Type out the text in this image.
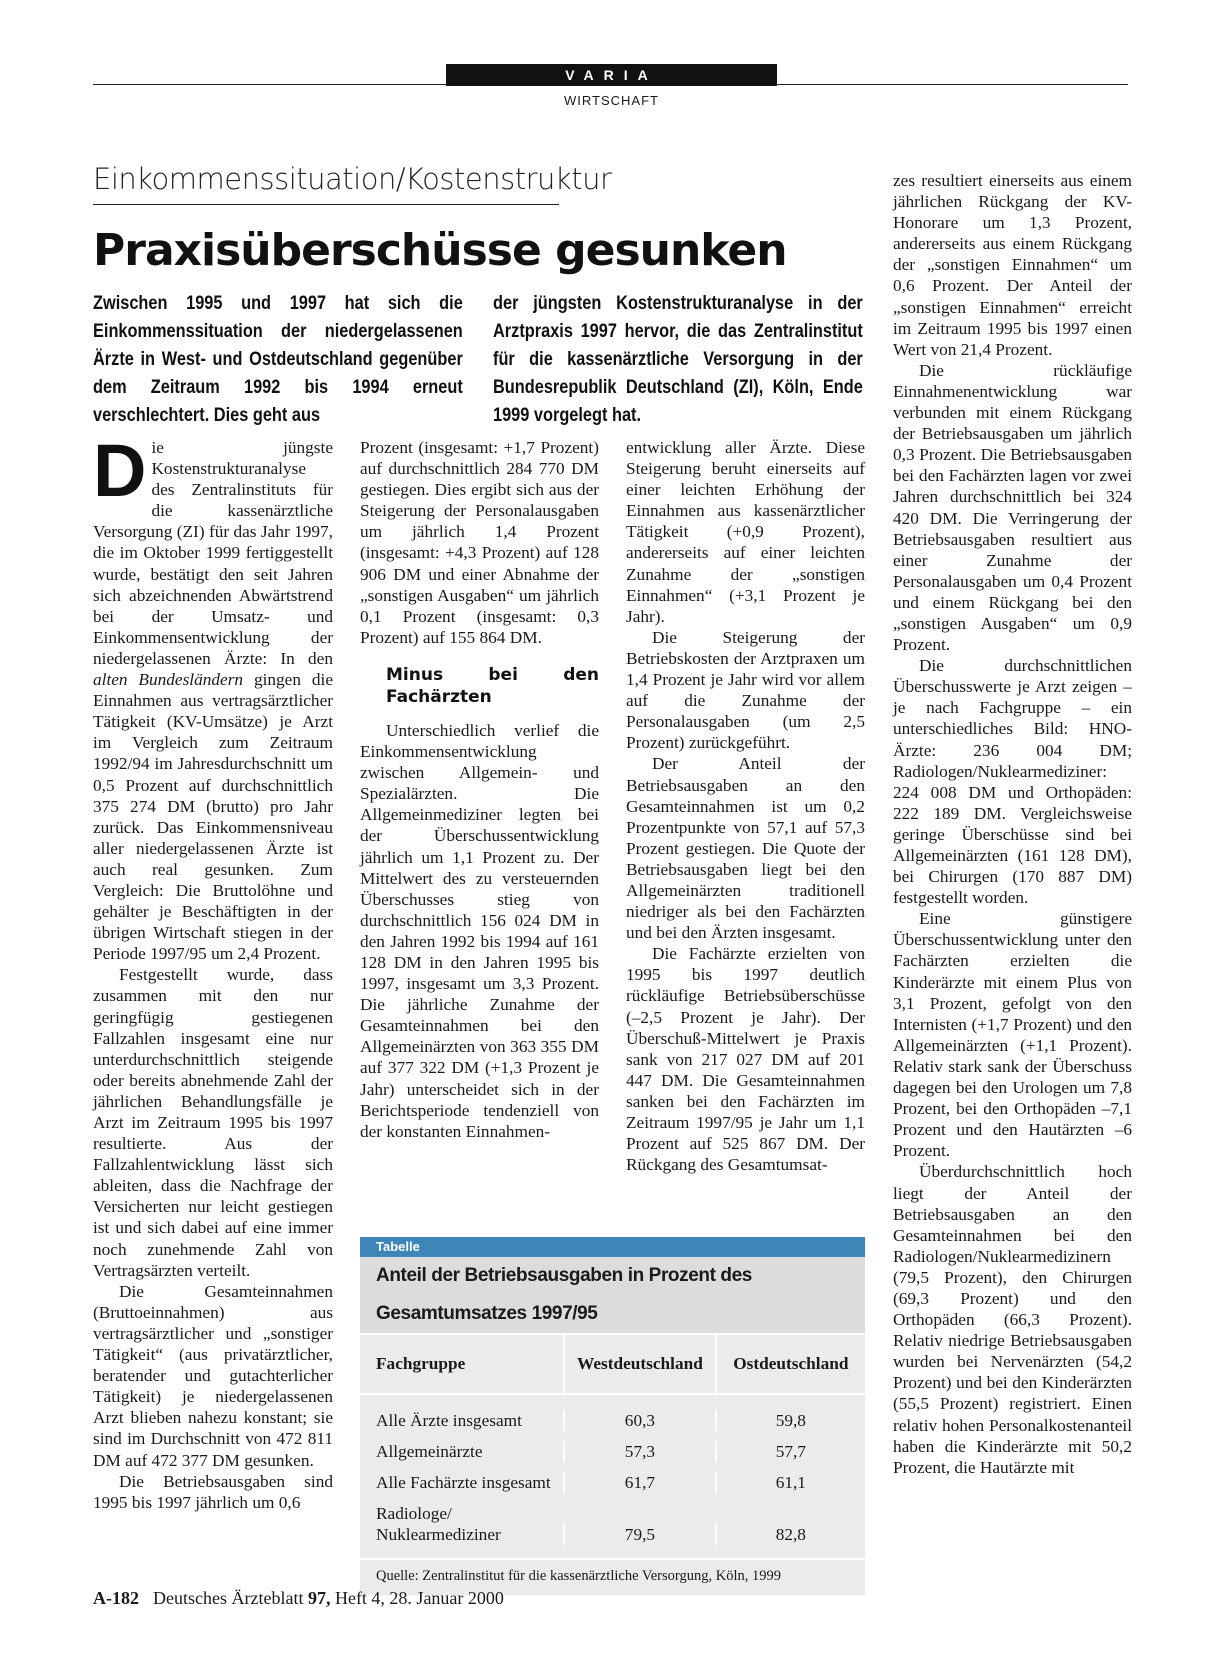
VARIA
WIRTSCHAFT
Einkommenssituation/Kostenstruktur
Praxisüberschüsse gesunken
Zwischen 1995 und 1997 hat sich die Einkommenssituation der niedergelassenen Ärzte in West- und Ostdeutschland gegenüber dem Zeitraum 1992 bis 1994 erneut verschlechtert. Dies geht aus
der jüngsten Kostenstrukturanalyse in der Arztpraxis 1997 hervor, die das Zentralinstitut für die kassenärztliche Versorgung in der Bundesrepublik Deutschland (ZI), Köln, Ende 1999 vorgelegt hat.

Die jüngste Kostenstrukturanalyse des Zentralinstituts für die kassenärztliche Versorgung (ZI) für das Jahr 1997, die im Oktober 1999 fertiggestellt wurde, bestätigt den seit Jahren sich abzeichnenden Abwärtstrend bei der Umsatz- und Einkommensentwicklung der niedergelassenen Ärzte: In den alten Bundesländern gingen die Einnahmen aus vertragsärztlicher Tätigkeit (KV-Umsätze) je Arzt im Vergleich zum Zeitraum 1992/94 im Jahresdurchschnitt um 0,5 Prozent auf durchschnittlich 375 274 DM (brutto) pro Jahr zurück. Das Einkommensniveau aller niedergelassenen Ärzte ist auch real gesunken. Zum Vergleich: Die Bruttolöhne und gehälter je Beschäftigten in der übrigen Wirtschaft stiegen in der Periode 1997/95 um 2,4 Prozent.

Festgestellt wurde, dass zusammen mit den nur geringfügig gestiegenen Fallzahlen insgesamt eine nur unterdurchschnittlich steigende oder bereits abnehmende Zahl der jährlichen Behandlungsfälle je Arzt im Zeitraum 1995 bis 1997 resultierte. Aus der Fallzahlentwicklung lässt sich ableiten, dass die Nachfrage der Versicherten nur leicht gestiegen ist und sich dabei auf eine immer noch zunehmende Zahl von Vertragsärzten verteilt.

Die Gesamteinnahmen (Bruttoeinnahmen) aus vertragsärztlicher und „sonstiger Tätigkeit“ (aus privatärztlicher, beratender und gutachterlicher Tätigkeit) je niedergelassenen Arzt blieben nahezu konstant; sie sind im Durchschnitt von 472 811 DM auf 472 377 DM gesunken.

Die Betriebsausgaben sind 1995 bis 1997 jährlich um 0,6

Prozent (insgesamt: +1,7 Prozent) auf durchschnittlich 284 770 DM gestiegen. Dies ergibt sich aus der Steigerung der Personalausgaben um jährlich 1,4 Prozent (insgesamt: +4,3 Prozent) auf 128 906 DM und einer Abnahme der „sonstigen Ausgaben“ um jährlich 0,1 Prozent (insgesamt: 0,3 Prozent) auf 155 864 DM.

Minus bei den Fachärzten

Unterschiedlich verlief die Einkommensentwicklung zwischen Allgemein- und Spezialärzten. Die Allgemeinmediziner legten bei der Überschussentwicklung jährlich um 1,1 Prozent zu. Der Mittelwert des zu versteuernden Überschusses stieg von durchschnittlich 156 024 DM in den Jahren 1992 bis 1994 auf 161 128 DM in den Jahren 1995 bis 1997, insgesamt um 3,3 Prozent. Die jährliche Zunahme der Gesamteinnahmen bei den Allgemeinärzten von 363 355 DM auf 377 322 DM (+1,3 Prozent je Jahr) unterscheidet sich in der Berichtsperiode tendenziell von der konstanten Einnahmen-

entwicklung aller Ärzte. Diese Steigerung beruht einerseits auf einer leichten Erhöhung der Einnahmen aus kassenärztlicher Tätigkeit (+0,9 Prozent), andererseits auf einer leichten Zunahme der „sonstigen Einnahmen“ (+3,1 Prozent je Jahr).

Die Steigerung der Betriebskosten der Arztpraxen um 1,4 Prozent je Jahr wird vor allem auf die Zunahme der Personalausgaben (um 2,5 Prozent) zurückgeführt.

Der Anteil der Betriebsausgaben an den Gesamteinnahmen ist um 0,2 Prozentpunkte von 57,1 auf 57,3 Prozent gestiegen. Die Quote der Betriebsausgaben liegt bei den Allgemeinärzten traditionell niedriger als bei den Fachärzten und bei den Ärzten insgesamt.

Die Fachärzte erzielten von 1995 bis 1997 deutlich rückläufige Betriebsüberschüsse (–2,5 Prozent je Jahr). Der Überschuß-Mittelwert je Praxis sank von 217 027 DM auf 201 447 DM. Die Gesamteinnahmen sanken bei den Fachärzten im Zeitraum 1997/95 je Jahr um 1,1 Prozent auf 525 867 DM. Der Rückgang des Gesamtumsat-

zes resultiert einerseits aus einem jährlichen Rückgang der KV-Honorare um 1,3 Prozent, andererseits aus einem Rückgang der „sonstigen Einnahmen“ um 0,6 Prozent. Der Anteil der „sonstigen Einnahmen“ erreicht im Zeitraum 1995 bis 1997 einen Wert von 21,4 Prozent.

Die rückläufige Einnahmenentwicklung war verbunden mit einem Rückgang der Betriebsausgaben um jährlich 0,3 Prozent. Die Betriebsausgaben bei den Fachärzten lagen vor zwei Jahren durchschnittlich bei 324 420 DM. Die Verringerung der Betriebsausgaben resultiert aus einer Zunahme der Personalausgaben um 0,4 Prozent und einem Rückgang bei den „sonstigen Ausgaben“ um 0,9 Prozent.

Die durchschnittlichen Überschusswerte je Arzt zeigen – je nach Fachgruppe – ein unterschiedliches Bild: HNO-Ärzte: 236 004 DM; Radiologen/Nuklearmediziner: 224 008 DM und Orthopäden: 222 189 DM. Vergleichsweise geringe Überschüsse sind bei Allgemeinärzten (161 128 DM), bei Chirurgen (170 887 DM) festgestellt worden.

Eine günstigere Überschussentwicklung unter den Fachärzten erzielten die Kinderärzte mit einem Plus von 3,1 Prozent, gefolgt von den Internisten (+1,7 Prozent) und den Allgemeinärzten (+1,1 Prozent). Relativ stark sank der Überschuss dagegen bei den Urologen um 7,8 Prozent, bei den Orthopäden –7,1 Prozent und den Hautärzten –6 Prozent.

Überdurchschnittlich hoch liegt der Anteil der Betriebsausgaben an den Gesamteinnahmen bei den Radiologen/Nuklearmedizinern (79,5 Prozent), den Chirurgen (69,3 Prozent) und den Orthopäden (66,3 Prozent). Relativ niedrige Betriebsausgaben wurden bei Nervenärzten (54,2 Prozent) und bei den Kinderärzten (55,5 Prozent) registriert. Einen relativ hohen Personalkostenanteil haben die Kinderärzte mit 50,2 Prozent, die Hautärzte mit

Tabelle
Anteil der Betriebsausgaben in Prozent des Gesamtumsatzes 1997/95
Fachgruppe	Westdeutschland	Ostdeutschland
Alle Ärzte insgesamt	60,3	59,8
Allgemeinärzte	57,3	57,7
Alle Fachärzte insgesamt	61,7	61,1
Radiologe/ Nuklearmediziner	79,5	82,8
Quelle: Zentralinstitut für die kassenärztliche Versorgung, Köln, 1999
A-182 Deutsches Ärzteblatt 97, Heft 4, 28. Januar 2000
